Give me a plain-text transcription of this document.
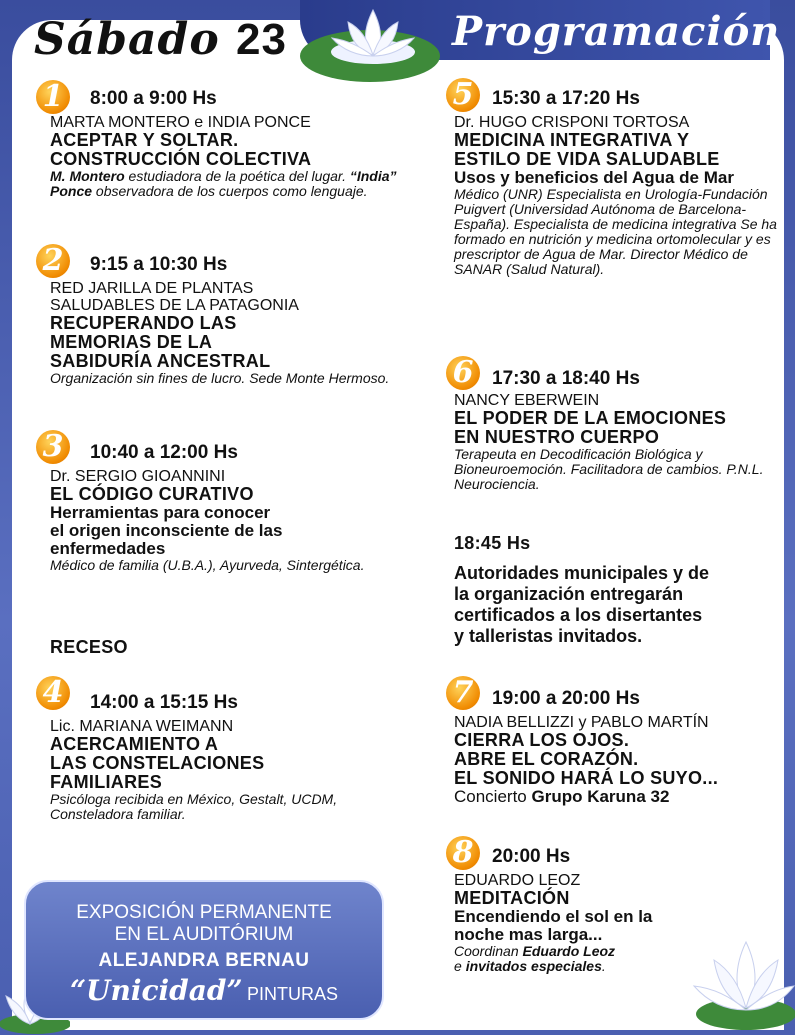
Sábado 23	Programación
1	8:00 a 9:00 Hs
MARTA MONTERO e INDIA PONCE
ACEPTAR Y SOLTAR.
CONSTRUCCIÓN COLECTIVA
M. Montero estudiadora de la poética del lugar. “India” Ponce observadora de los cuerpos como lenguaje.
2	9:15 a 10:30 Hs
RED JARILLA DE PLANTAS
SALUDABLES DE LA PATAGONIA
RECUPERANDO LAS
MEMORIAS DE LA
SABIDURÍA ANCESTRAL
Organización sin fines de lucro. Sede Monte Hermoso.
3	10:40 a 12:00 Hs
Dr. SERGIO GIOANNINI
EL CÓDIGO CURATIVO
Herramientas para conocer
el origen inconsciente de las
enfermedades
Médico de familia (U.B.A.), Ayurveda, Sintergética.
RECESO
4	14:00 a 15:15 Hs
Lic. MARIANA WEIMANN
ACERCAMIENTO A
LAS CONSTELACIONES
FAMILIARES
Psicóloga recibida en México, Gestalt, UCDM, Consteladora familiar.
5 15:30 a 17:20 Hs
Dr. HUGO CRISPONI TORTOSA
MEDICINA INTEGRATIVA Y
ESTILO DE VIDA SALUDABLE
Usos y beneficios del Agua de Mar
Médico (UNR) Especialista en Urología-Fundación Puigvert (Universidad Autónoma de Barcelona-España). Especialista de medicina integrativa Se ha formado en nutrición y medicina ortomolecular y es prescriptor de Agua de Mar. Director Médico de SANAR (Salud Natural).
6 17:30 a 18:40 Hs
NANCY EBERWEIN
EL PODER DE LA EMOCIONES
EN NUESTRO CUERPO
Terapeuta en Decodificación Biológica y Bioneuroemoción. Facilitadora de cambios. P.N.L. Neurociencia.
18:45 Hs
Autoridades municipales y de
la organización entregarán
certificados a los disertantes
y talleristas invitados.
7 19:00 a 20:00 Hs
NADIA BELLIZZI y PABLO MARTÍN
CIERRA LOS OJOS.
ABRE EL CORAZÓN.
EL SONIDO HARÁ LO SUYO...
Concierto Grupo Karuna 32
8 20:00 Hs
EDUARDO LEOZ
MEDITACIÓN
Encendiendo el sol en la
noche mas larga...
Coordinan Eduardo Leoz
e invitados especiales.
EXPOSICIÓN PERMANENTE
EN EL AUDITÓRIUM
ALEJANDRA BERNAU
“Unicidad” PINTURAS
